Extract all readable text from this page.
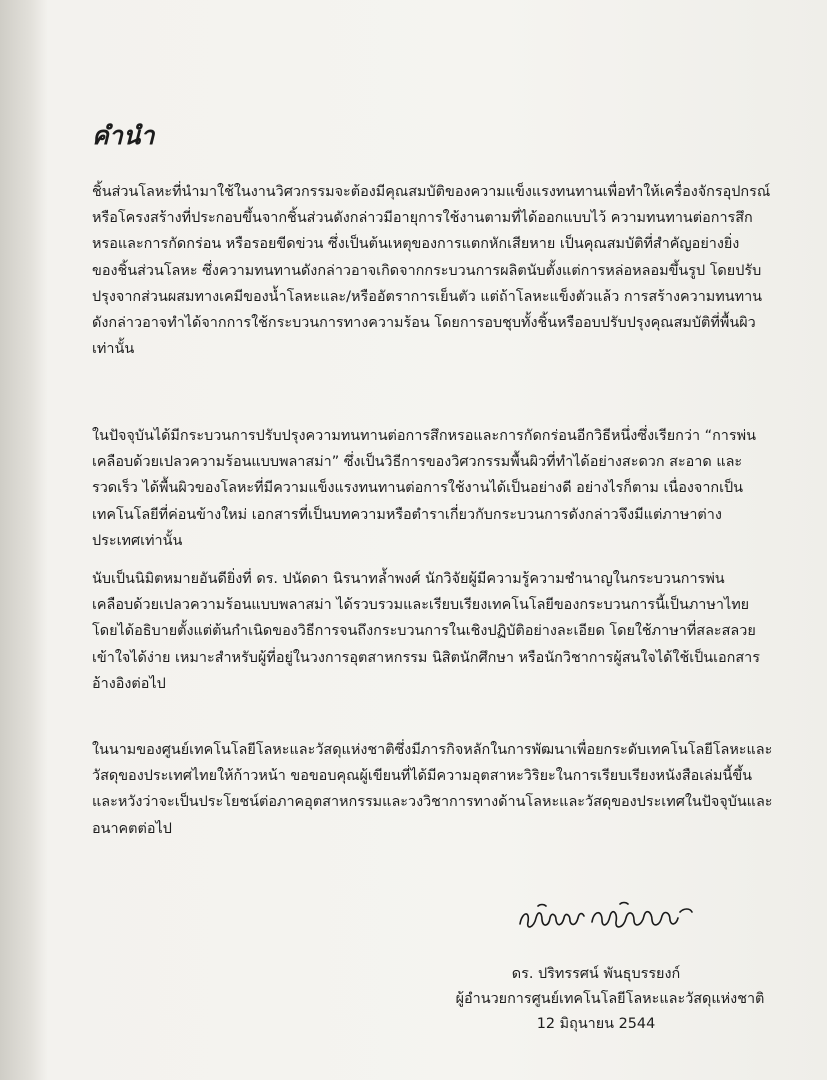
คำนำ
ชิ้นส่วนโลหะที่นำมาใช้ในงานวิศวกรรมจะต้องมีคุณสมบัติของความแข็งแรงทนทานเพื่อทำให้เครื่องจักรอุปกรณ์
หรือโครงสร้างที่ประกอบขึ้นจากชิ้นส่วนดังกล่าวมีอายุการใช้งานตามที่ได้ออกแบบไว้ ความทนทานต่อการสึก
หรอและการกัดกร่อน หรือรอยขีดข่วน ซึ่งเป็นต้นเหตุของการแตกหักเสียหาย เป็นคุณสมบัติที่สำคัญอย่างยิ่ง
ของชิ้นส่วนโลหะ ซึ่งความทนทานดังกล่าวอาจเกิดจากกระบวนการผลิตนับตั้งแต่การหล่อหลอมขึ้นรูป โดยปรับ
ปรุงจากส่วนผสมทางเคมีของน้ำโลหะและ/หรืออัตราการเย็นตัว แต่ถ้าโลหะแข็งตัวแล้ว การสร้างความทนทาน
ดังกล่าวอาจทำได้จากการใช้กระบวนการทางความร้อน โดยการอบชุบทั้งชิ้นหรืออบปรับปรุงคุณสมบัติที่พื้นผิว
เท่านั้น
ในปัจจุบันได้มีกระบวนการปรับปรุงความทนทานต่อการสึกหรอและการกัดกร่อนอีกวิธีหนึ่งซึ่งเรียกว่า “การพ่น
เคลือบด้วยเปลวความร้อนแบบพลาสม่า” ซึ่งเป็นวิธีการของวิศวกรรมพื้นผิวที่ทำได้อย่างสะดวก สะอาด และ
รวดเร็ว ได้พื้นผิวของโลหะที่มีความแข็งแรงทนทานต่อการใช้งานได้เป็นอย่างดี อย่างไรก็ตาม เนื่องจากเป็น
เทคโนโลยีที่ค่อนข้างใหม่ เอกสารที่เป็นบทความหรือตำราเกี่ยวกับกระบวนการดังกล่าวจึงมีแต่ภาษาต่าง
ประเทศเท่านั้น
นับเป็นนิมิตหมายอันดียิ่งที่ ดร. ปนัดดา นิรนาทล้ำพงศ์ นักวิจัยผู้มีความรู้ความชำนาญในกระบวนการพ่น
เคลือบด้วยเปลวความร้อนแบบพลาสม่า ได้รวบรวมและเรียบเรียงเทคโนโลยีของกระบวนการนี้เป็นภาษาไทย
โดยได้อธิบายตั้งแต่ต้นกำเนิดของวิธีการจนถึงกระบวนการในเชิงปฏิบัติอย่างละเอียด โดยใช้ภาษาที่สละสลวย
เข้าใจได้ง่าย เหมาะสำหรับผู้ที่อยู่ในวงการอุตสาหกรรม นิสิตนักศึกษา หรือนักวิชาการผู้สนใจได้ใช้เป็นเอกสาร
อ้างอิงต่อไป
ในนามของศูนย์เทคโนโลยีโลหะและวัสดุแห่งชาติซึ่งมีภารกิจหลักในการพัฒนาเพื่อยกระดับเทคโนโลยีโลหะและ
วัสดุของประเทศไทยให้ก้าวหน้า ขอขอบคุณผู้เขียนที่ได้มีความอุตสาหะวิริยะในการเรียบเรียงหนังสือเล่มนี้ขึ้น
และหวังว่าจะเป็นประโยชน์ต่อภาคอุตสาหกรรมและวงวิชาการทางด้านโลหะและวัสดุของประเทศในปัจจุบันและ
อนาคตต่อไป
ดร. ปริทรรศน์ พันธุบรรยงก์
ผู้อำนวยการศูนย์เทคโนโลยีโลหะและวัสดุแห่งชาติ
12 มิถุนายน 2544
